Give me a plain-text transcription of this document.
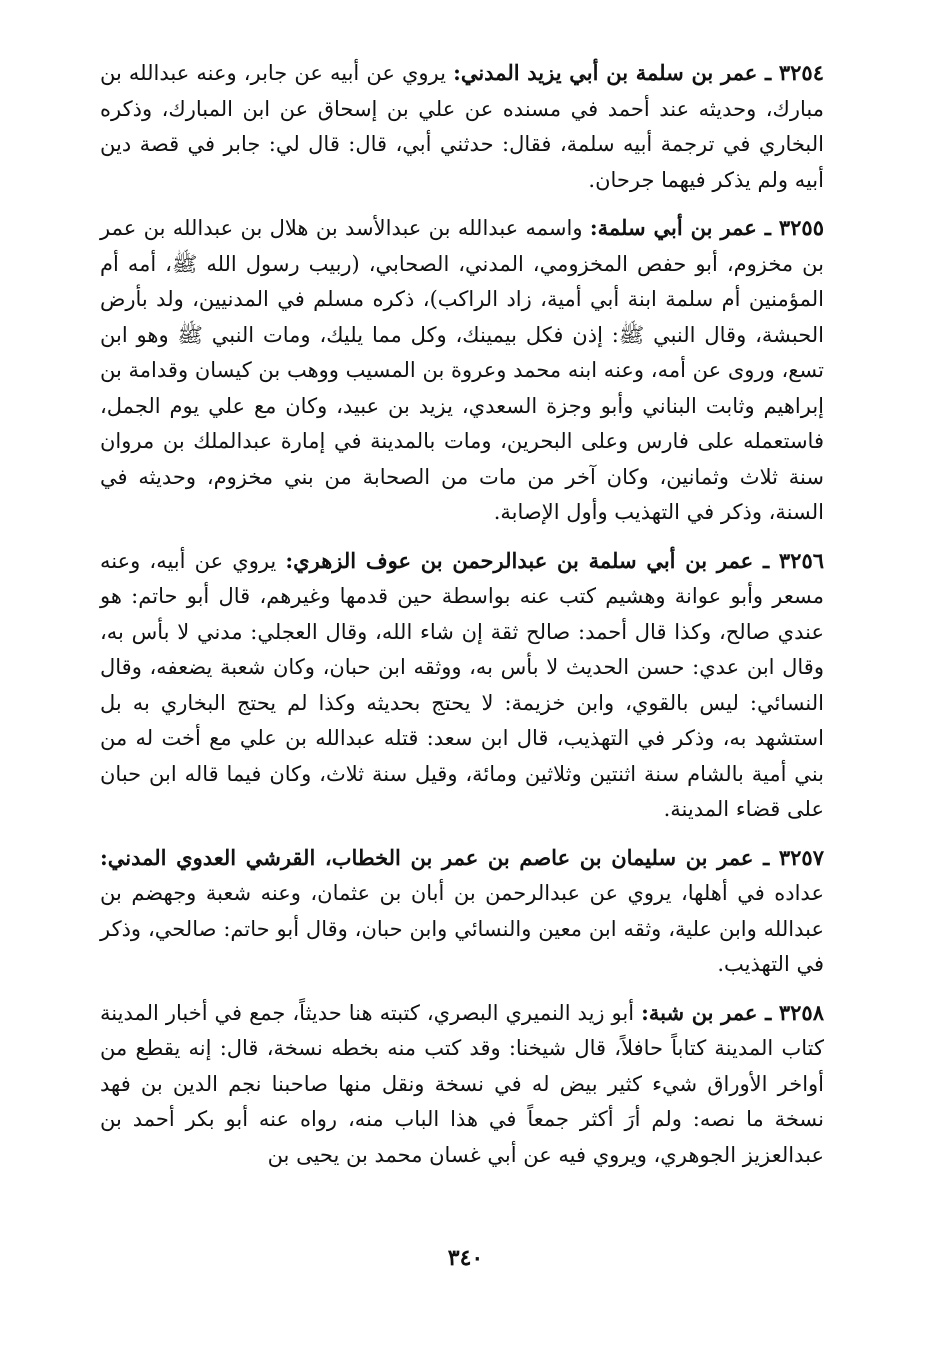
٣٢٥٤ ـ عمر بن سلمة بن أبي يزيد المدني: يروي عن أبيه عن جابر، وعنه عبدالله بن مبارك، وحديثه عند أحمد في مسنده عن علي بن إسحاق عن ابن المبارك، وذكره البخاري في ترجمة أبيه سلمة، فقال: حدثني أبي، قال: قال لي: جابر في قصة دين أبيه ولم يذكر فيهما جرحان.

٣٢٥٥ ـ عمر بن أبي سلمة: واسمه عبدالله بن عبدالأسد بن هلال بن عبدالله بن عمر بن مخزوم، أبو حفص المخزومي، المدني، الصحابي، (ربيب رسول الله ﷺ، أمه أم المؤمنين أم سلمة ابنة أبي أمية، زاد الراكب)، ذكره مسلم في المدنيين، ولد بأرض الحبشة، وقال النبي ﷺ: إذن فكل بيمينك، وكل مما يليك، ومات النبي ﷺ وهو ابن تسع، وروى عن أمه، وعنه ابنه محمد وعروة بن المسيب ووهب بن كيسان وقدامة بن إبراهيم وثابت البناني وأبو وجزة السعدي، يزيد بن عبيد، وكان مع علي يوم الجمل، فاستعمله على فارس وعلى البحرين، ومات بالمدينة في إمارة عبدالملك بن مروان سنة ثلاث وثمانين، وكان آخر من مات من الصحابة من بني مخزوم، وحديثه في السنة، وذكر في التهذيب وأول الإصابة.

٣٢٥٦ ـ عمر بن أبي سلمة بن عبدالرحمن بن عوف الزهري: يروي عن أبيه، وعنه مسعر وأبو عوانة وهشيم كتب عنه بواسطة حين قدمها وغيرهم، قال أبو حاتم: هو عندي صالح، وكذا قال أحمد: صالح ثقة إن شاء الله، وقال العجلي: مدني لا بأس به، وقال ابن عدي: حسن الحديث لا بأس به، ووثقه ابن حبان، وكان شعبة يضعفه، وقال النسائي: ليس بالقوي، وابن خزيمة: لا يحتج بحديثه وكذا لم يحتج البخاري به بل استشهد به، وذكر في التهذيب، قال ابن سعد: قتله عبدالله بن علي مع أخت له من بني أمية بالشام سنة اثنتين وثلاثين ومائة، وقيل سنة ثلاث، وكان فيما قاله ابن حبان على قضاء المدينة.

٣٢٥٧ ـ عمر بن سليمان بن عاصم بن عمر بن الخطاب، القرشي العدوي المدني: عداده في أهلها، يروي عن عبدالرحمن بن أبان بن عثمان، وعنه شعبة وجهضم بن عبدالله وابن علية، وثقه ابن معين والنسائي وابن حبان، وقال أبو حاتم: صالحي، وذكر في التهذيب.

٣٢٥٨ ـ عمر بن شبة: أبو زيد النميري البصري، كتبته هنا حديثاً، جمع في أخبار المدينة كتاب المدينة كتاباً حافلاً، قال شيخنا: وقد كتب منه بخطه نسخة، قال: إنه يقطع من أواخر الأوراق شيء كثير بيض له في نسخة ونقل منها صاحبنا نجم الدين بن فهد نسخة ما نصه: ولم أرَ أكثر جمعاً في هذا الباب منه، رواه عنه أبو بكر أحمد بن عبدالعزيز الجوهري، ويروي فيه عن أبي غسان محمد بن يحيى بن

٣٤٠
